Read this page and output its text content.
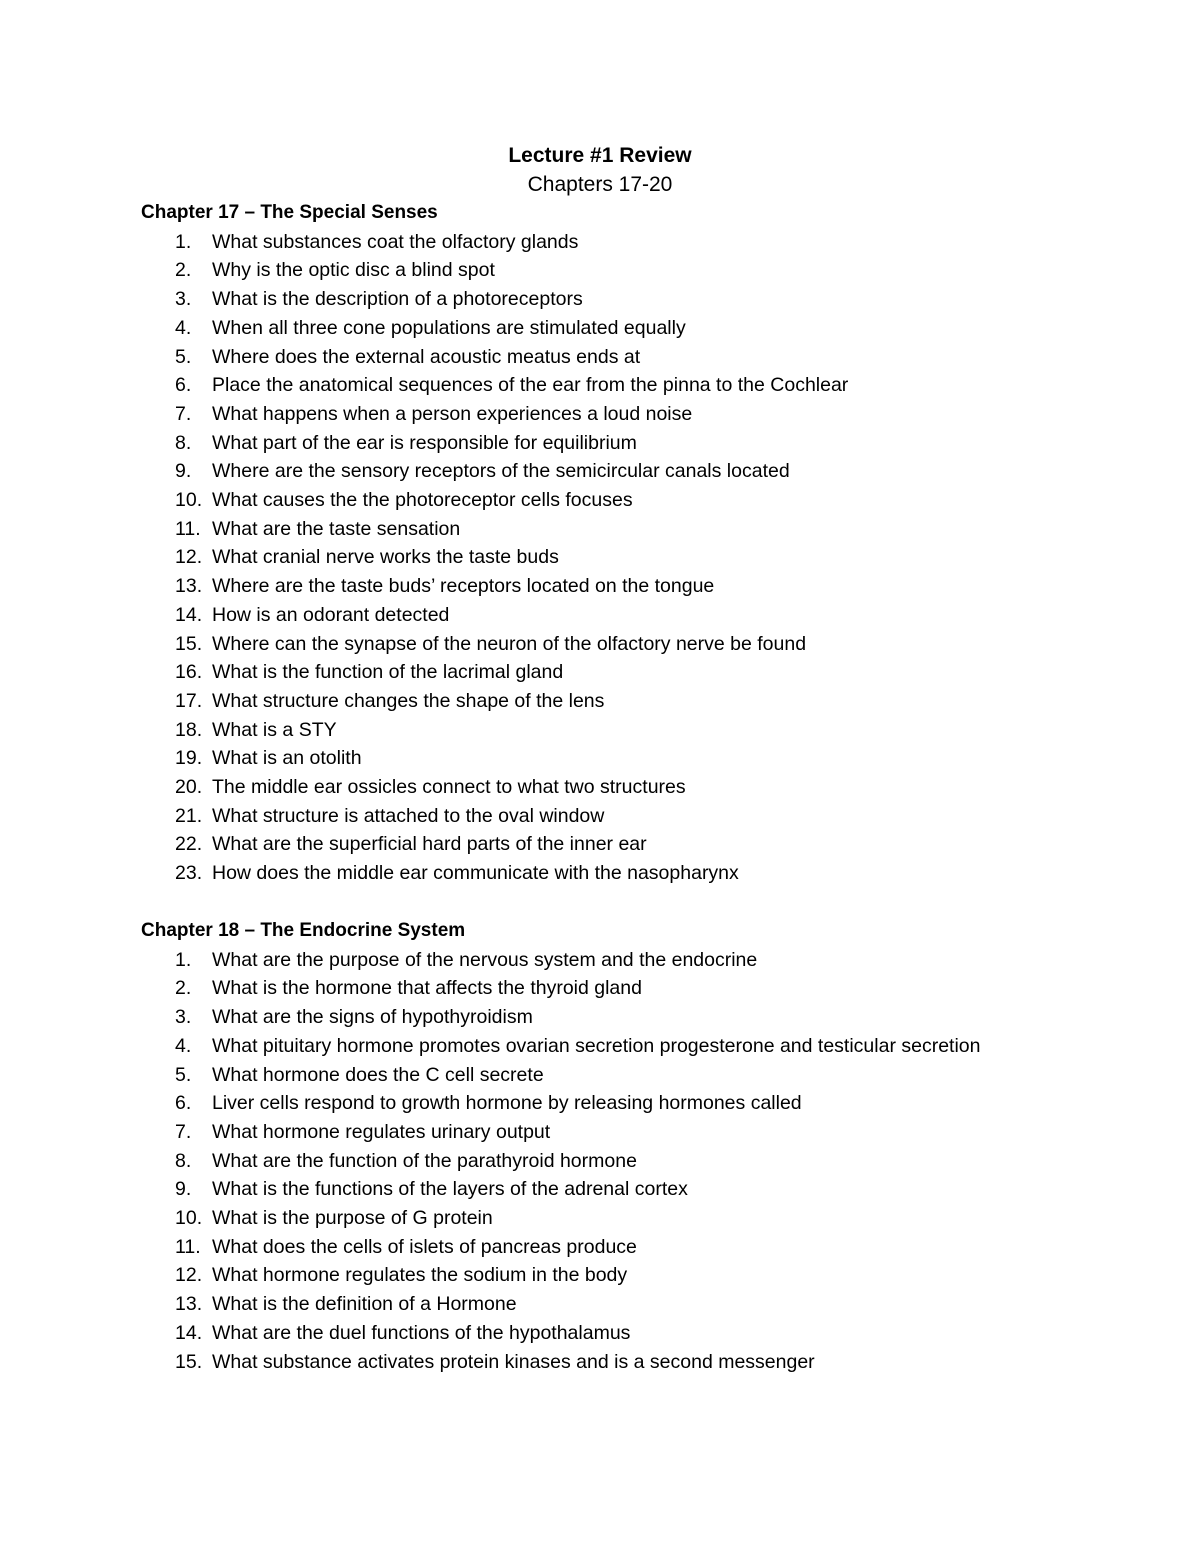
Lecture #1 Review
Chapters 17-20
Chapter 17 – The Special Senses
1. What substances coat the olfactory glands
2. Why is the optic disc a blind spot
3. What is the description of a photoreceptors
4. When all three cone populations are stimulated equally
5. Where does the external acoustic meatus ends at
6. Place the anatomical sequences of the ear from the pinna to the Cochlear
7. What happens when a person experiences a loud noise
8. What part of the ear is responsible for equilibrium
9. Where are the sensory receptors of the semicircular canals located
10. What causes the the photoreceptor cells focuses
11. What are the taste sensation
12. What cranial nerve works the taste buds
13. Where are the taste buds’ receptors located on the tongue
14. How is an odorant detected
15. Where can the synapse of the neuron of the olfactory nerve be found
16. What is the function of the lacrimal gland
17. What structure changes the shape of the lens
18. What is a STY
19. What is an otolith
20. The middle ear ossicles connect to what two structures
21. What structure is attached to the oval window
22. What are the superficial hard parts of the inner ear
23. How does the middle ear communicate with the nasopharynx
Chapter 18 – The Endocrine System
1. What are the purpose of the nervous system and the endocrine
2. What is the hormone that affects the thyroid gland
3. What are the signs of hypothyroidism
4. What pituitary hormone promotes ovarian secretion progesterone and testicular secretion
5. What hormone does the C cell secrete
6. Liver cells respond to growth hormone by releasing hormones called
7. What hormone regulates urinary output
8. What are the function of the parathyroid hormone
9. What is the functions of the layers of the adrenal cortex
10. What is the purpose of G protein
11. What does the cells of islets of pancreas produce
12. What hormone regulates the sodium in the body
13. What is the definition of a Hormone
14. What are the duel functions of the hypothalamus
15. What substance activates protein kinases and is a second messenger
